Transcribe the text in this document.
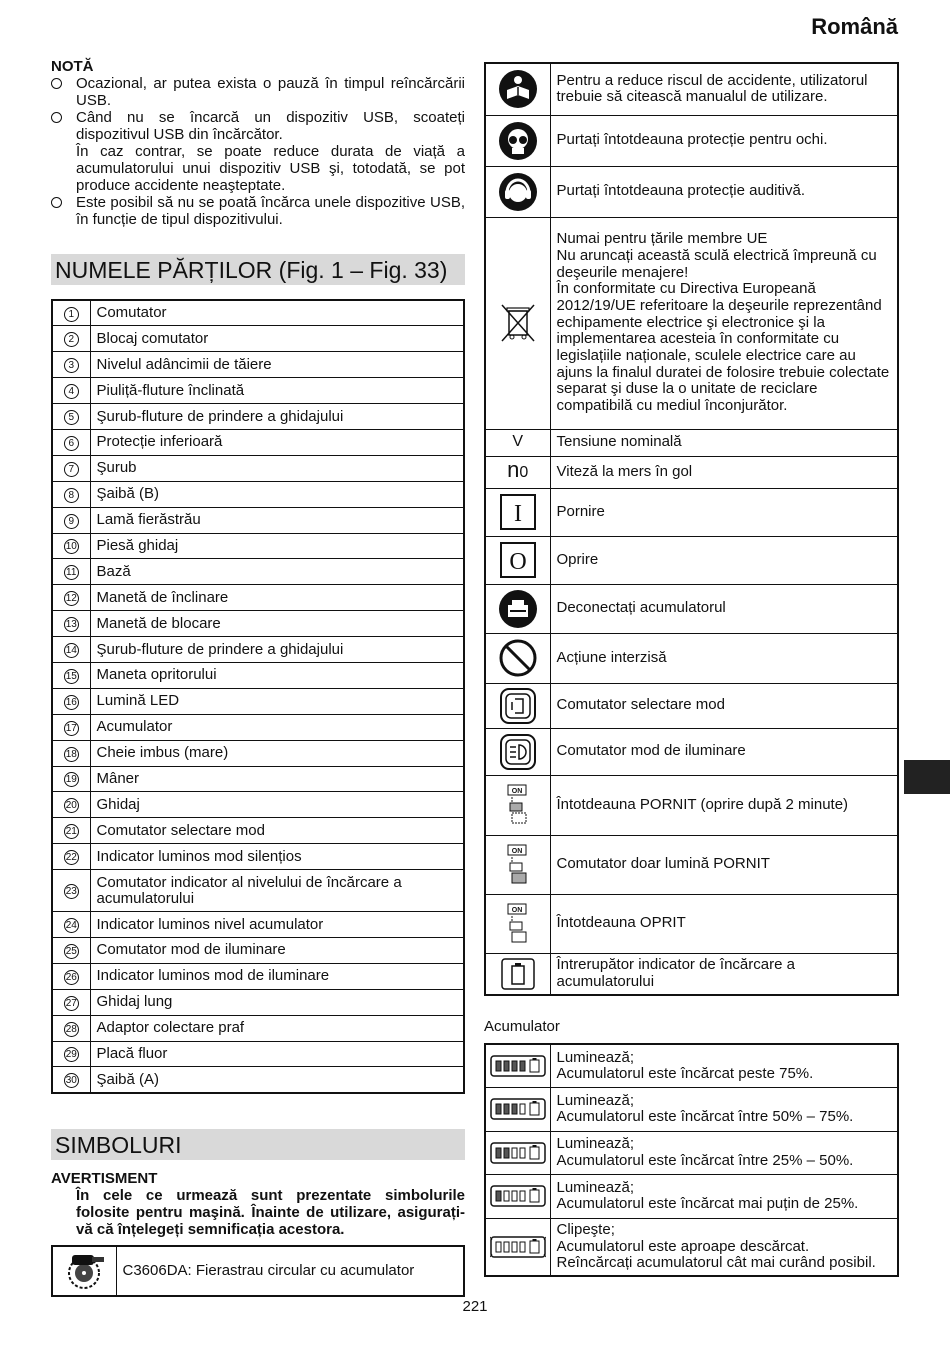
Română
NOTĂ

Ocazional, ar putea exista o pauză în timpul reîncărcării USB.

Când nu se încarcă un dispozitiv USB, scoateți dispozitivul USB din încărcător.

În caz contrar, se poate reduce durata de viață a acumulatorului unui dispozitiv USB şi, totodată, se pot produce accidente neaşteptate.

Este posibil să nu se poată încărca unele dispozitive USB, în funcție de tipul dispozitivului.

NUMELE PĂRȚILOR (Fig. 1 – Fig. 33)
1	Comutator
2	Blocaj comutator
3	Nivelul adâncimii de tăiere
4	Piuliță-fluture înclinată
5	Şurub-fluture de prindere a ghidajului
6	Protecție inferioară
7	Şurub
8	Şaibă (B)
9	Lamă fierăstrău
10	Piesă ghidaj
11	Bază
12	Manetă de înclinare
13	Manetă de blocare
14	Şurub-fluture de prindere a ghidajului
15	Maneta opritorului
16	Lumină LED
17	Acumulator
18	Cheie imbus (mare)
19	Mâner
20	Ghidaj
21	Comutator selectare mod
22	Indicator luminos mod silențios
23	Comutator indicator al nivelului de încărcare a acumulatorului
24	Indicator luminos nivel acumulator
25	Comutator mod de iluminare
26	Indicator luminos mod de iluminare
27	Ghidaj lung
28	Adaptor colectare praf
29	Placă fluor
30	Şaibă (A)
SIMBOLURI
AVERTISMENT
În cele ce urmează sunt prezentate simbolurile folosite pentru maşină. Înainte de utilizare, asigurați-vă că înțelegeți semnificația acestora.
	C3606DA: Fierastrau circular cu acumulator

Pentru a reduce riscul de accidente, utilizatorul trebuie să citească manualul de utilizare.

Purtați întotdeauna protecție pentru ochi.

Purtați întotdeauna protecție auditivă.

Numai pentru țările membre UE
Nu aruncați această sculă electrică împreună cu deşeurile menajere!
În conformitate cu Directiva Europeană 2012/19/UE referitoare la deşeurile reprezentând echipamente electrice şi electronice şi la implementarea acesteia în conformitate cu legislațiile naționale, sculele electrice care au ajuns la finalul duratei de folosire trebuie colectate separat şi duse la o unitate de reciclare compatibilă cu mediul înconjurător.

V	Tensiune nominală

n0	Viteză la mers în gol

I	Pornire

O	Oprire

Deconectați acumulatorul

Acțiune interzisă

Comutator selectare mod

Comutator mod de iluminare

ON	Întotdeauna PORNIT (oprire după 2 minute)

ON	Comutator doar lumină PORNIT

ON	Întotdeauna OPRIT

Întrerupător indicator de încărcare a acumulatorului
Acumulator

Luminează;
Acumulatorul este încărcat peste 75%.

Luminează;
Acumulatorul este încărcat între 50% – 75%.

Luminează;
Acumulatorul este încărcat între 25% – 50%.

Luminează;
Acumulatorul este încărcat mai puțin de 25%.

Clipeşte;
Acumulatorul este aproape descărcat.
Reîncărcați acumulatorul cât mai curând posibil.
221
